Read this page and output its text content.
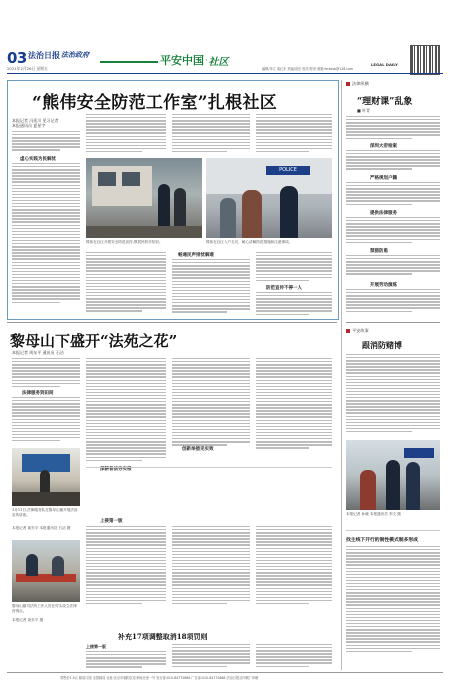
03 法治日报 法治政府
2021年2月26日 星期五
平安中国 · 社区
编辑/李立 周红东 美编/高岳 校对/张荣 邮箱:fzrbzsb@126.com
LEGAL DAILY
“熊伟安全防范工作室”扎根社区

本报记者 冯延川 见习记者

本报通讯员 夏星宇

虚心实践为民解忧
POLICE

熊伟在社区开展安全防范宣传,教居民防诈知识。	熊伟在社区入户走访，耐心讲解防范措施和注意事项。

畅通民声排忧解难
防范宣传不停一人
黎母山下盛开“法苑之花”
本报记者 周东平 通讯员 石洁
法律服务到田间

1月11日,法律服务队在黎母山镇开展法治宣传讲座。

本报记者 周东平 本报通讯员 石洁 摄

黎母山镇司法所工作人员在村头设立法律咨询点。

本报记者 周东平 摄

深耕普法夯实根
创新举措见实效
上接第一版
补充17项调整取消18项罚则
上接第一版
法律纵横
“理财课”乱象
■ 叶青
深圳大帝检案
严格规划户籍
提供法律服务
禁猎防患
开展劳动演练
平安故事
跟消防赌博

本报记者 孙晓 本报通讯员 李文 摄

找主线下开行的制性模式制多形成
零售价1.5元 邮局订阅 全国邮局 社址:北京市朝阳区花家地北里一号 发行部:010-84772688 广告部:010-84772668 法治日报社印刷厂印刷
